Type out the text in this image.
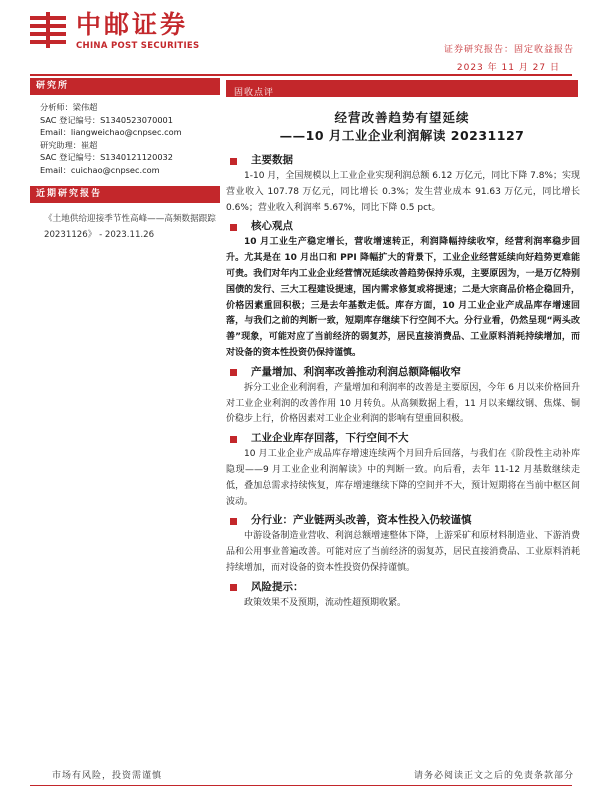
中邮证券
CHINA POST SECURITIES	证券研究报告：固定收益报告
2023 年 11 月 27 日
研究所
分析师：梁伟超
SAC 登记编号：S1340523070001
Email：liangweichao@cnpsec.com
研究助理：崔超
SAC 登记编号：S1340121120032
Email：cuichao@cnpsec.com
近期研究报告
《土地供给迎接季节性高峰——高频数据跟踪 20231126》 - 2023.11.26
固收点评
经营改善趋势有望延续
——10 月工业企业利润解读 20231127
主要数据

1-10 月，全国规模以上工业企业实现利润总额 6.12 万亿元，同比下降 7.8%；实现营业收入 107.78 万亿元，同比增长 0.3%；发生营业成本 91.63 万亿元，同比增长 0.6%；营业收入利润率 5.67%，同比下降 0.5 pct。

核心观点

10 月工业生产稳定增长，营收增速转正，利润降幅持续收窄，经营利润率稳步回升。尤其是在 10 月出口和 PPI 降幅扩大的背景下，工业企业经营延续向好趋势更难能可贵。我们对年内工业企业经营情况延续改善趋势保持乐观，主要原因为，一是万亿特别国债的发行、三大工程建设提速，国内需求修复或将提速；二是大宗商品价格企稳回升，价格因素重回积极；三是去年基数走低。库存方面，10 月工业企业产成品库存增速回落，与我们之前的判断一致，短期库存继续下行空间不大。分行业看，仍然呈现“两头改善”现象，可能对应了当前经济的弱复苏，居民直接消费品、工业原料消耗持续增加，而对设备的资本性投资仍保持谨慎。

产量增加、利润率改善推动利润总额降幅收窄

拆分工业企业利润看，产量增加和利润率的改善是主要原因，今年 6 月以来价格回升对工业企业利润的改善作用 10 月转负。从高频数据上看，11 月以来螺纹钢、焦煤、铜价稳步上行，价格因素对工业企业利润的影响有望重回积极。

工业企业库存回落，下行空间不大

10 月工业企业产成品库存增速连续两个月回升后回落，与我们在《阶段性主动补库隐现——9 月工业企业利润解读》中的判断一致。向后看，去年 11-12 月基数继续走低，叠加总需求持续恢复，库存增速继续下降的空间并不大，预计短期将在当前中枢区间波动。

分行业：产业链两头改善，资本性投入仍较谨慎

中游设备制造业营收、利润总额增速整体下降，上游采矿和原材料制造业、下游消费品和公用事业普遍改善。可能对应了当前经济的弱复苏，居民直接消费品、工业原料消耗持续增加，而对设备的资本性投资仍保持谨慎。

风险提示：

政策效果不及预期，流动性超预期收紧。

市场有风险，投资需谨慎	请务必阅读正文之后的免责条款部分
